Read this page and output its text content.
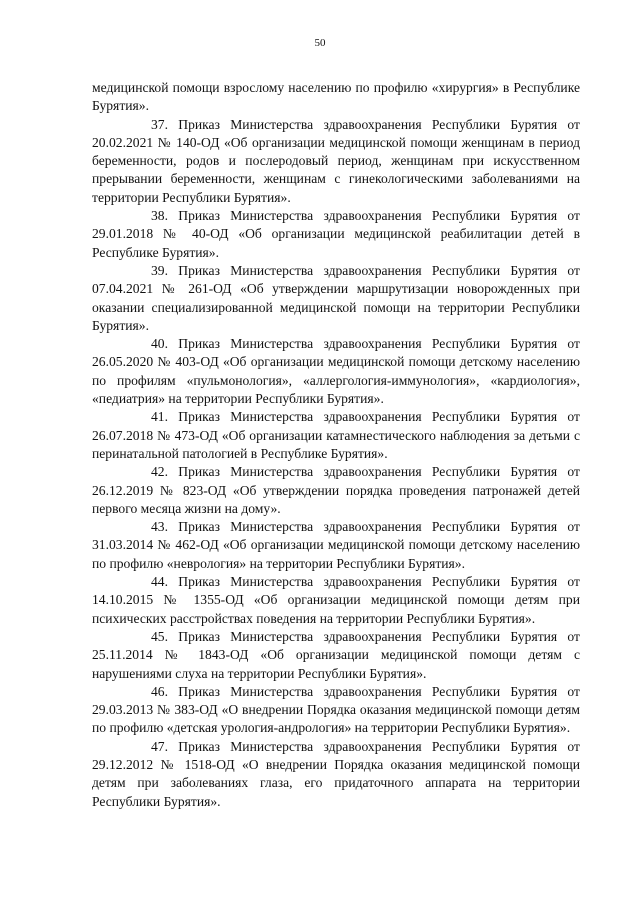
50

медицинской помощи взрослому населению по профилю «хирургия» в Республике Бурятия».

37. Приказ Министерства здравоохранения Республики Бурятия от 20.02.2021 № 140-ОД «Об организации медицинской помощи женщинам в период беременности, родов и послеродовый период, женщинам при искусственном прерывании беременности, женщинам с гинекологическими заболеваниями на территории Республики Бурятия».

38. Приказ Министерства здравоохранения Республики Бурятия от 29.01.2018 № 40-ОД «Об организации медицинской реабилитации детей в Республике Бурятия».

39. Приказ Министерства здравоохранения Республики Бурятия от 07.04.2021 № 261-ОД «Об утверждении маршрутизации новорожденных при оказании специализированной медицинской помощи на территории Республики Бурятия».

40. Приказ Министерства здравоохранения Республики Бурятия от 26.05.2020 № 403-ОД «Об организации медицинской помощи детскому населению по профилям «пульмонология», «аллергология-иммунология», «кардиология», «педиатрия» на территории Республики Бурятия».

41. Приказ Министерства здравоохранения Республики Бурятия от 26.07.2018 № 473-ОД «Об организации катамнестического наблюдения за детьми с перинатальной патологией в Республике Бурятия».

42. Приказ Министерства здравоохранения Республики Бурятия от 26.12.2019 № 823-ОД «Об утверждении порядка проведения патронажей детей первого месяца жизни на дому».

43. Приказ Министерства здравоохранения Республики Бурятия от 31.03.2014 № 462-ОД «Об организации медицинской помощи детскому населению по профилю «неврология» на территории Республики Бурятия».

44. Приказ Министерства здравоохранения Республики Бурятия от 14.10.2015 № 1355-ОД «Об организации медицинской помощи детям при психических расстройствах поведения на территории Республики Бурятия».

45. Приказ Министерства здравоохранения Республики Бурятия от 25.11.2014 № 1843-ОД «Об организации медицинской помощи детям с нарушениями слуха на территории Республики Бурятия».

46. Приказ Министерства здравоохранения Республики Бурятия от 29.03.2013 № 383-ОД «О внедрении Порядка оказания медицинской помощи детям по профилю «детская урология-андрология» на территории Республики Бурятия».

47. Приказ Министерства здравоохранения Республики Бурятия от 29.12.2012 № 1518-ОД «О внедрении Порядка оказания медицинской помощи детям при заболеваниях глаза, его придаточного аппарата на территории Республики Бурятия».
